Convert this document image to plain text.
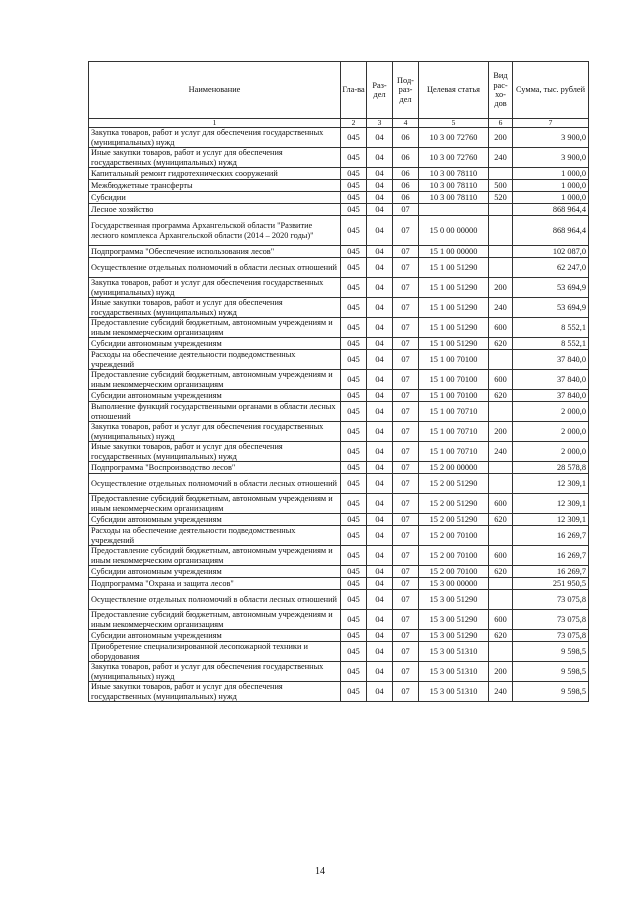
Наименование	Гла-ва	Раз-дел	Под-раз-дел	Целевая статья	Вид рас-хо-дов	Сумма, тыс. рублей
1	2	3	4	5	6	7
Закупка товаров, работ и услуг для обеспечения государственных (муниципальных) нужд	045	04	06	10 3 00 72760	200	3 900,0
Иные закупки товаров, работ и услуг для обеспечения государственных (муниципальных) нужд	045	04	06	10 3 00 72760	240	3 900,0
Капитальный ремонт гидротехнических сооружений	045	04	06	10 3 00 78110		1 000,0
Межбюджетные трансферты	045	04	06	10 3 00 78110	500	1 000,0
Субсидии	045	04	06	10 3 00 78110	520	1 000,0
Лесное хозяйство	045	04	07			868 964,4
Государственная программа Архангельской области "Развитие лесного комплекса Архангельской области (2014 – 2020 годы)"	045	04	07	15 0 00 00000		868 964,4
Подпрограмма "Обеспечение использования лесов"	045	04	07	15 1 00 00000		102 087,0
Осуществление отдельных полномочий в области лесных отношений	045	04	07	15 1 00 51290		62 247,0
Закупка товаров, работ и услуг для обеспечения государственных (муниципальных) нужд	045	04	07	15 1 00 51290	200	53 694,9
Иные закупки товаров, работ и услуг для обеспечения государственных (муниципальных) нужд	045	04	07	15 1 00 51290	240	53 694,9
Предоставление субсидий бюджетным, автономным учреждениям и иным некоммерческим организациям	045	04	07	15 1 00 51290	600	8 552,1
Субсидии автономным учреждениям	045	04	07	15 1 00 51290	620	8 552,1
Расходы на обеспечение деятельности подведомственных учреждений	045	04	07	15 1 00 70100		37 840,0
Предоставление субсидий бюджетным, автономным учреждениям и иным некоммерческим организациям	045	04	07	15 1 00 70100	600	37 840,0
Субсидии автономным учреждениям	045	04	07	15 1 00 70100	620	37 840,0
Выполнение функций государственными органами в области лесных отношений	045	04	07	15 1 00 70710		2 000,0
Закупка товаров, работ и услуг для обеспечения государственных (муниципальных) нужд	045	04	07	15 1 00 70710	200	2 000,0
Иные закупки товаров, работ и услуг для обеспечения государственных (муниципальных) нужд	045	04	07	15 1 00 70710	240	2 000,0
Подпрограмма "Воспроизводство лесов"	045	04	07	15 2 00 00000		28 578,8
Осуществление отдельных полномочий в области лесных отношений	045	04	07	15 2 00 51290		12 309,1
Предоставление субсидий бюджетным, автономным учреждениям и иным некоммерческим организациям	045	04	07	15 2 00 51290	600	12 309,1
Субсидии автономным учреждениям	045	04	07	15 2 00 51290	620	12 309,1
Расходы на обеспечение деятельности подведомственных учреждений	045	04	07	15 2 00 70100		16 269,7
Предоставление субсидий бюджетным, автономным учреждениям и иным некоммерческим организациям	045	04	07	15 2 00 70100	600	16 269,7
Субсидии автономным учреждениям	045	04	07	15 2 00 70100	620	16 269,7
Подпрограмма "Охрана и защита лесов"	045	04	07	15 3 00 00000		251 950,5
Осуществление отдельных полномочий в области лесных отношений	045	04	07	15 3 00 51290		73 075,8
Предоставление субсидий бюджетным, автономным учреждениям и иным некоммерческим организациям	045	04	07	15 3 00 51290	600	73 075,8
Субсидии автономным учреждениям	045	04	07	15 3 00 51290	620	73 075,8
Приобретение специализированной лесопожарной техники и оборудования	045	04	07	15 3 00 51310		9 598,5
Закупка товаров, работ и услуг для обеспечения государственных (муниципальных) нужд	045	04	07	15 3 00 51310	200	9 598,5
Иные закупки товаров, работ и услуг для обеспечения государственных (муниципальных) нужд	045	04	07	15 3 00 51310	240	9 598,5
14
